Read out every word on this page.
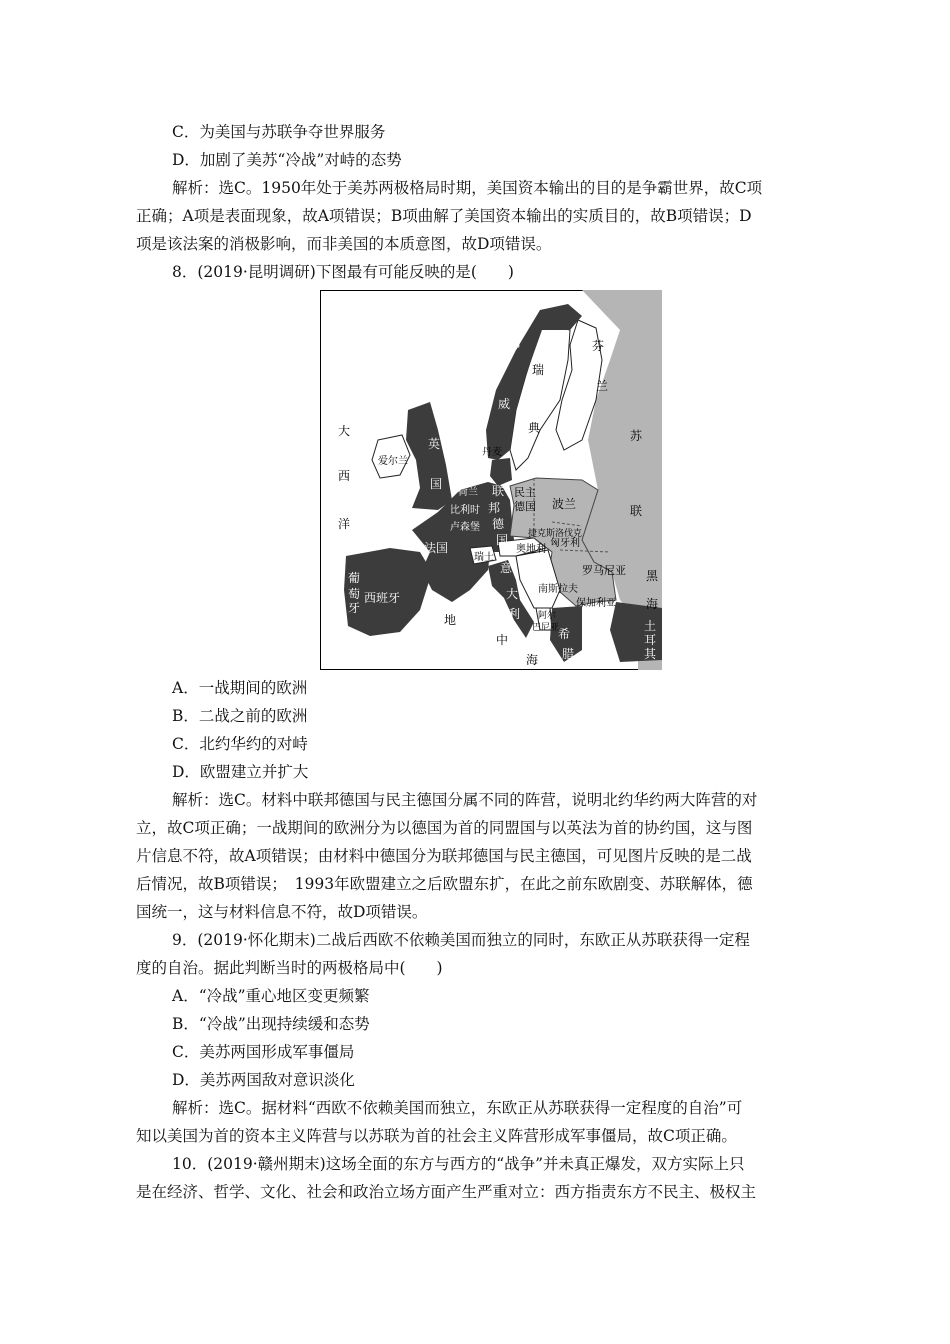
C．为美国与苏联争夺世界服务
D．加剧了美苏“冷战”对峙的态势
解析：选C。1950年处于美苏两极格局时期，美国资本输出的目的是争霸世界，故C项
正确；A项是表面现象，故A项错误；B项曲解了美国资本输出的实质目的，故B项错误；D
项是该法案的消极影响，而非美国的本质意图，故D项错误。
8．(2019·昆明调研)下图最有可能反映的是(　　)
大
西
洋
挪
威
瑞
典
芬
兰
苏
联
爱尔兰
英
国
丹麦
荷兰
比利时
卢森堡
联
邦
德
国
民主
德国 波兰
捷克斯洛伐克
奥地利
匈牙利
瑞士
法国
罗马尼亚
南斯拉夫
保加利亚
阿尔
巴尼亚
意
大
利
葡
萄
牙
西班牙
地
中
海
黑
海
土
耳
其
希
腊
A．一战期间的欧洲
B．二战之前的欧洲
C．北约华约的对峙
D．欧盟建立并扩大
解析：选C。材料中联邦德国与民主德国分属不同的阵营，说明北约华约两大阵营的对
立，故C项正确；一战期间的欧洲分为以德国为首的同盟国与以英法为首的协约国，这与图
片信息不符，故A项错误；由材料中德国分为联邦德国与民主德国，可见图片反映的是二战
后情况，故B项错误；　1993年欧盟建立之后欧盟东扩，在此之前东欧剧变、苏联解体，德
国统一，这与材料信息不符，故D项错误。
9．(2019·怀化期末)二战后西欧不依赖美国而独立的同时，东欧正从苏联获得一定程
度的自治。据此判断当时的两极格局中(　　)
A．“冷战”重心地区变更频繁
B．“冷战”出现持续缓和态势
C．美苏两国形成军事僵局
D．美苏两国敌对意识淡化
解析：选C。据材料“西欧不依赖美国而独立，东欧正从苏联获得一定程度的自治”可
知以美国为首的资本主义阵营与以苏联为首的社会主义阵营形成军事僵局，故C项正确。
10．(2019·赣州期末)这场全面的东方与西方的“战争”并未真正爆发，双方实际上只
是在经济、哲学、文化、社会和政治立场方面产生严重对立：西方指责东方不民主、极权主
